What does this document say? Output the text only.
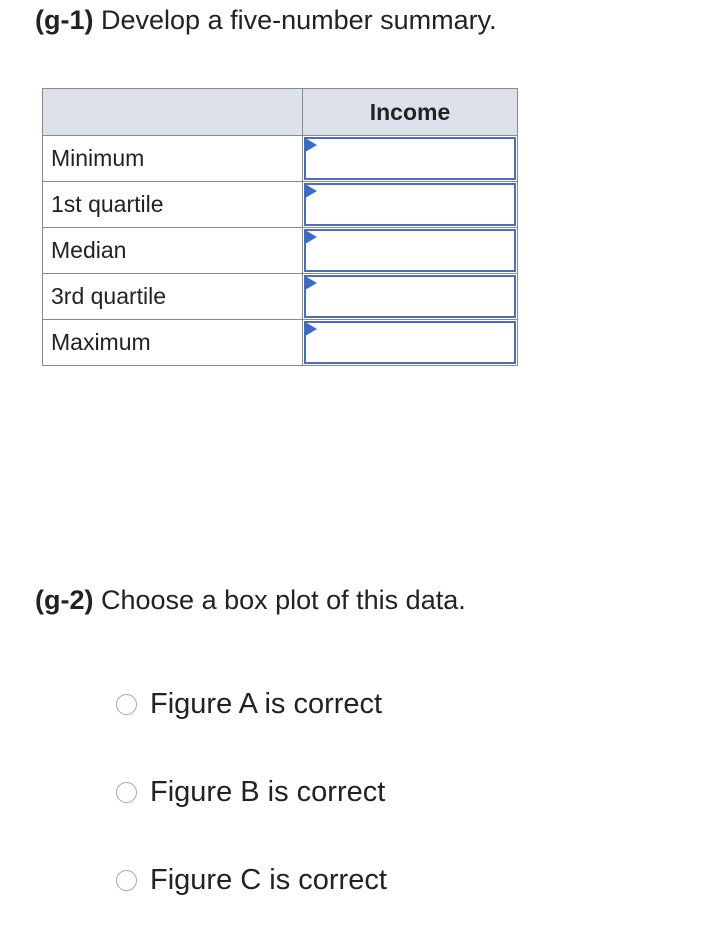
(g-1) Develop a five-number summary.
	Income
Minimum	

1st quartile	

Median	

3rd quartile	

Maximum	
(g-2) Choose a box plot of this data.
Figure A is correct
Figure B is correct
Figure C is correct
